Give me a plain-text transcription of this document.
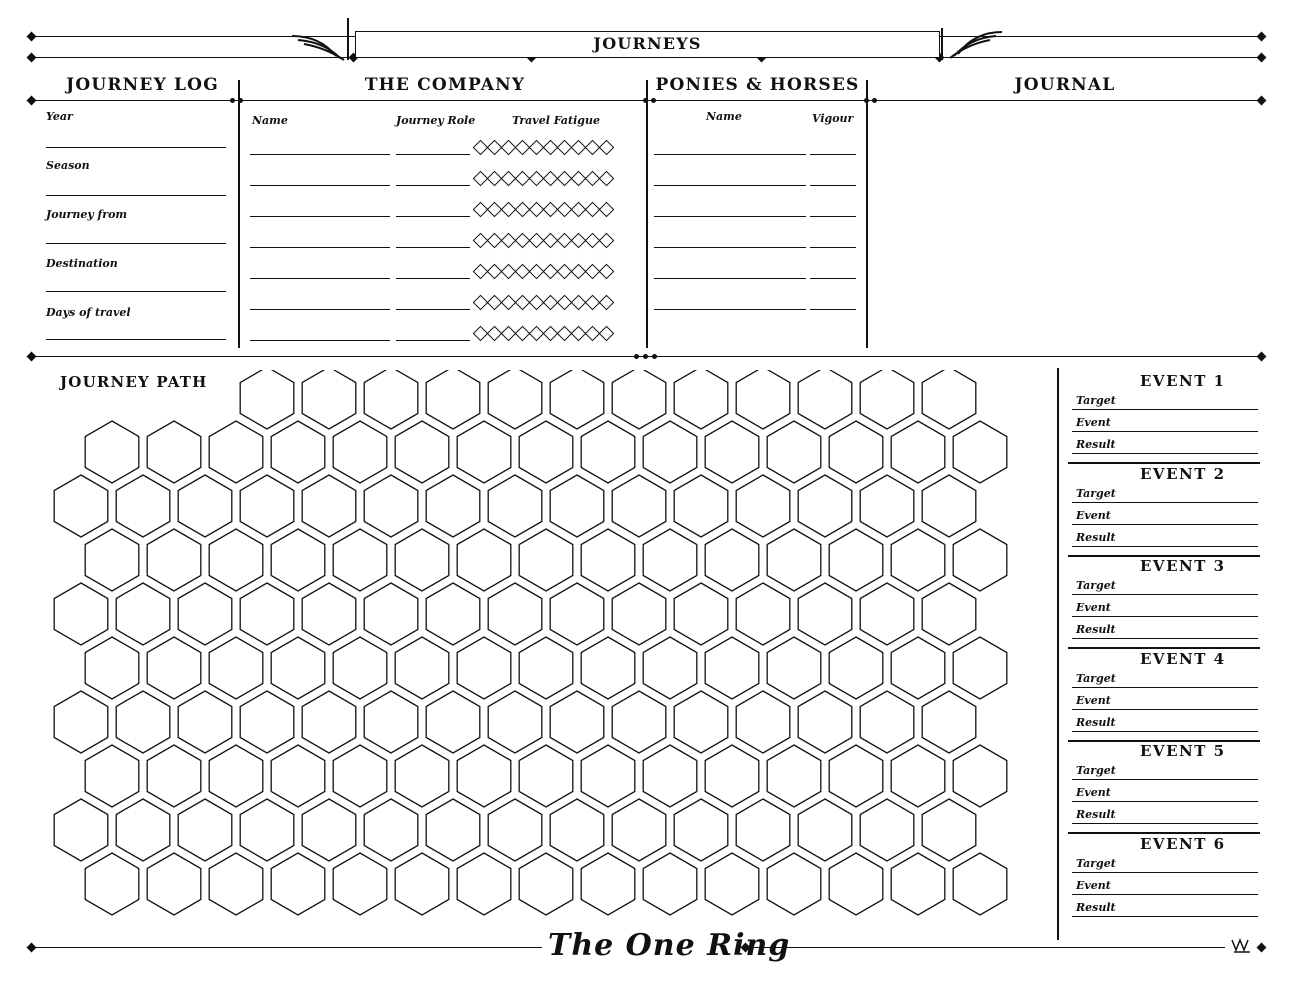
JOURNEYS
JOURNEY LOG	THE COMPANY	PONIES & HORSES	JOURNAL
Year
Season
Journey from
Destination
Days of travel
Name	Journey Role	Travel Fatigue	Name	Vigour
JOURNEY PATH	EVENT 1
Target
Event
Result
EVENT 2
Target
Event
Result
EVENT 3
Target
Event
Result
EVENT 4
Target
Event
Result
EVENT 5
Target
Event
Result
EVENT 6
Target
Event
Result
The One Ring
